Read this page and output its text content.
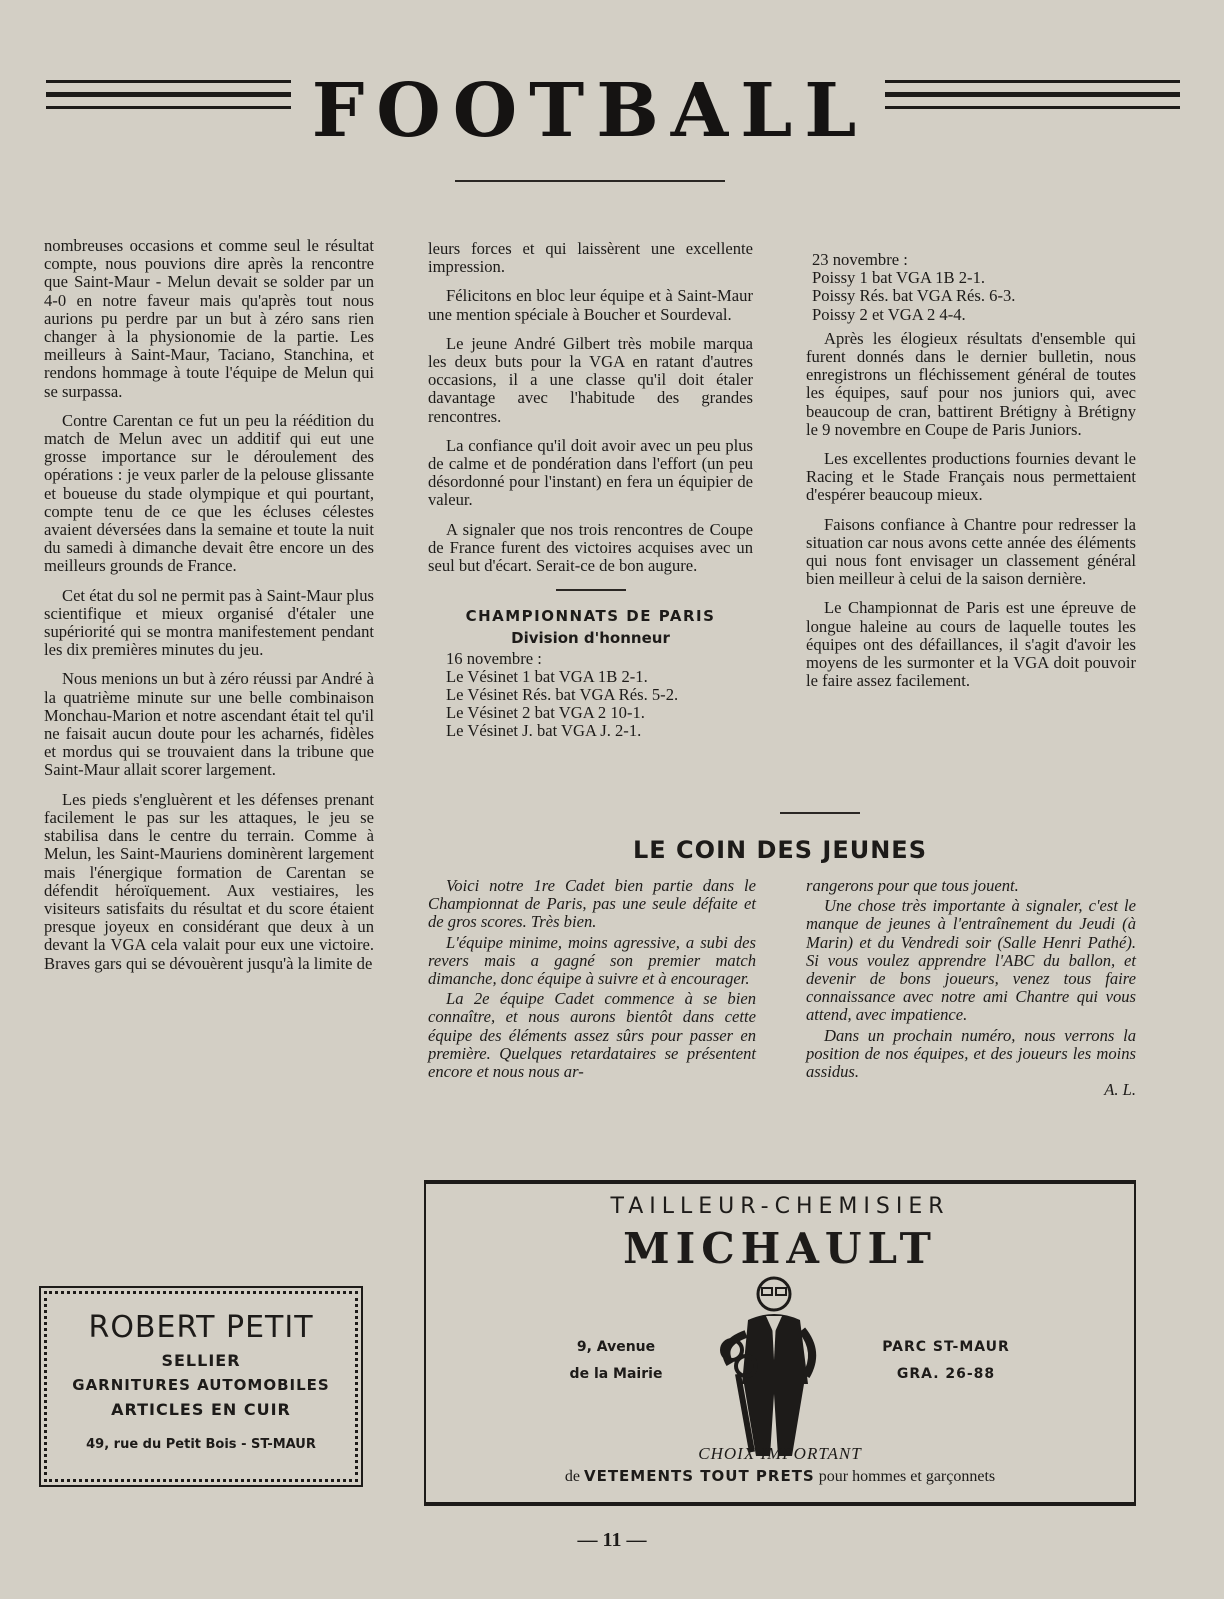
FOOTBALL

nombreuses occasions et comme seul le résultat compte, nous pouvions dire après la rencontre que Saint-Maur - Melun devait se solder par un 4-0 en notre faveur mais qu'après tout nous aurions pu perdre par un but à zéro sans rien changer à la physionomie de la partie. Les meilleurs à Saint-Maur, Taciano, Stanchina, et rendons hommage à toute l'équipe de Melun qui se surpassa.

Contre Carentan ce fut un peu la réédition du match de Melun avec un additif qui eut une grosse importance sur le déroulement des opérations : je veux parler de la pelouse glissante et boueuse du stade olympique et qui pourtant, compte tenu de ce que les écluses célestes avaient déversées dans la semaine et toute la nuit du samedi à dimanche devait être encore un des meilleurs grounds de France.

Cet état du sol ne permit pas à Saint-Maur plus scientifique et mieux organisé d'étaler une supériorité qui se montra manifestement pendant les dix premières minutes du jeu.

Nous menions un but à zéro réussi par André à la quatrième minute sur une belle combinaison Monchau-Marion et notre ascendant était tel qu'il ne faisait aucun doute pour les acharnés, fidèles et mordus qui se trouvaient dans la tribune que Saint-Maur allait scorer largement.

Les pieds s'engluèrent et les défenses prenant facilement le pas sur les attaques, le jeu se stabilisa dans le centre du terrain. Comme à Melun, les Saint-Mauriens dominèrent largement mais l'énergique formation de Carentan se défendit héroïquement. Aux vestiaires, les visiteurs satisfaits du résultat et du score étaient presque joyeux en considérant que deux à un devant la VGA cela valait pour eux une victoire. Braves gars qui se dévouèrent jusqu'à la limite de

leurs forces et qui laissèrent une excellente impression.

Félicitons en bloc leur équipe et à Saint-Maur une mention spéciale à Boucher et Sourdeval.

Le jeune André Gilbert très mobile marqua les deux buts pour la VGA en ratant d'autres occasions, il a une classe qu'il doit étaler davantage avec l'habitude des grandes rencontres.

La confiance qu'il doit avoir avec un peu plus de calme et de pondération dans l'effort (un peu désordonné pour l'instant) en fera un équipier de valeur.

A signaler que nos trois rencontres de Coupe de France furent des victoires acquises avec un seul but d'écart. Serait-ce de bon augure.

CHAMPIONNATS DE PARIS
Division d'honneur

16 novembre :

Le Vésinet 1 bat VGA 1B 2-1.

Le Vésinet Rés. bat VGA Rés. 5-2.

Le Vésinet 2 bat VGA 2 10-1.

Le Vésinet J. bat VGA J. 2-1.

23 novembre :

Poissy 1 bat VGA 1B 2-1.

Poissy Rés. bat VGA Rés. 6-3.

Poissy 2 et VGA 2 4-4.

Après les élogieux résultats d'ensemble qui furent donnés dans le dernier bulletin, nous enregistrons un fléchissement général de toutes les équipes, sauf pour nos juniors qui, avec beaucoup de cran, battirent Brétigny à Brétigny le 9 novembre en Coupe de Paris Juniors.

Les excellentes productions fournies devant le Racing et le Stade Français nous permettaient d'espérer beaucoup mieux.

Faisons confiance à Chantre pour redresser la situation car nous avons cette année des éléments qui nous font envisager un classement général bien meilleur à celui de la saison dernière.

Le Championnat de Paris est une épreuve de longue haleine au cours de laquelle toutes les équipes ont des défaillances, il s'agit d'avoir les moyens de les surmonter et la VGA doit pouvoir le faire assez facilement.

LE COIN DES JEUNES

Voici notre 1re Cadet bien partie dans le Championnat de Paris, pas une seule défaite et de gros scores. Très bien.

L'équipe minime, moins agressive, a subi des revers mais a gagné son premier match dimanche, donc équipe à suivre et à encourager.

La 2e équipe Cadet commence à se bien connaître, et nous aurons bientôt dans cette équipe des éléments assez sûrs pour passer en première. Quelques retardataires se présentent encore et nous nous ar-

rangerons pour que tous jouent.

Une chose très importante à signaler, c'est le manque de jeunes à l'entraînement du Jeudi (à Marin) et du Vendredi soir (Salle Henri Pathé). Si vous voulez apprendre l'ABC du ballon, et devenir de bons joueurs, venez tous faire connaissance avec notre ami Chantre qui vous attend, avec impatience.

Dans un prochain numéro, nous verrons la position de nos équipes, et des joueurs les moins assidus.

A. L.
ROBERT PETIT
SELLIER
GARNITURES AUTOMOBILES
ARTICLES EN CUIR
49, rue du Petit Bois - ST-MAUR
TAILLEUR-CHEMISIER
MICHAULT
9, Avenue
de la Mairie
PARC ST-MAUR
GRA. 26-88
CHOIX IMPORTANT
de VETEMENTS TOUT PRETS pour hommes et garçonnets
— 11 —
